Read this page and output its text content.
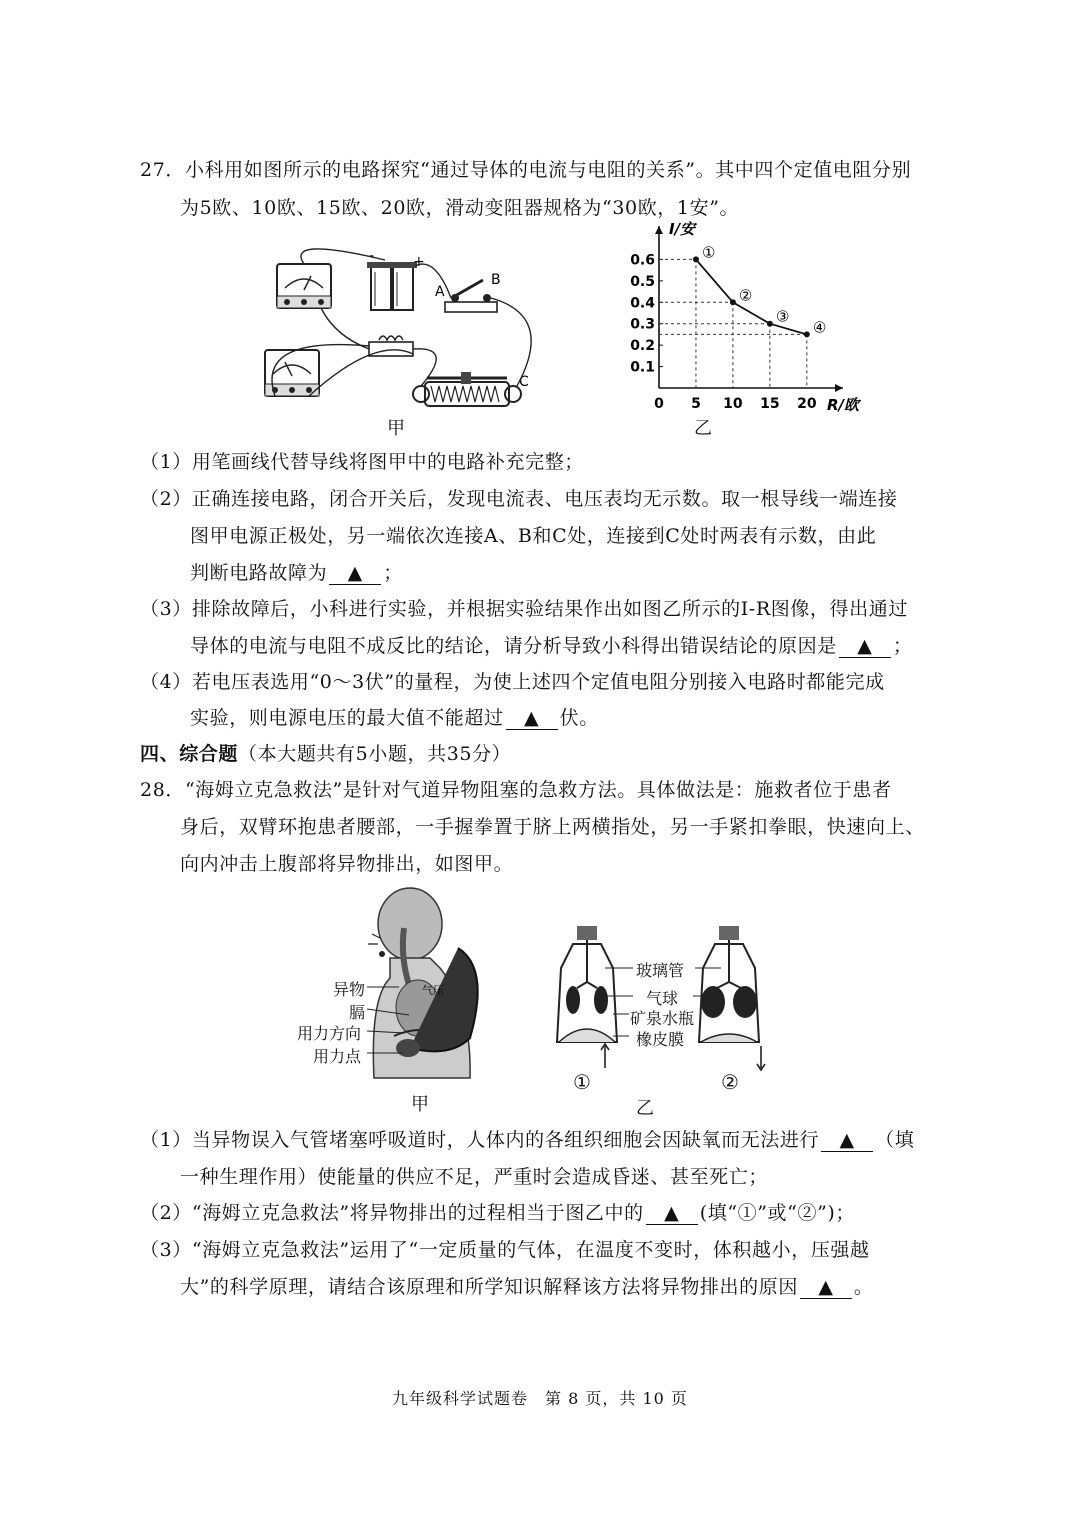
27．小科用如图所示的电路探究“通过导体的电流与电阻的关系”。其中四个定值电阻分别
为5欧、10欧、15欧、20欧，滑动变阻器规格为“30欧，1安”。
-	+
A
B
C
甲
I/安
R/欧
0 5 10 15 20
0.1
0.2
0.3
0.4
0.5
0.6	①
②
③
④
乙
（1）用笔画线代替导线将图甲中的电路补充完整；
（2）正确连接电路，闭合开关后，发现电流表、电压表均无示数。取一根导线一端连接
图甲电源正极处，另一端依次连接A、B和C处，连接到C处时两表有示数，由此
判断电路故障为 ▲ ；
（3）排除故障后，小科进行实验，并根据实验结果作出如图乙所示的I-R图像，得出通过
导体的电流与电阻不成反比的结论，请分析导致小科得出错误结论的原因是 ▲ ；
（4）若电压表选用“0～3伏”的量程，为使上述四个定值电阻分别接入电路时都能完成
实验，则电源电压的最大值不能超过 ▲ 伏。
四、综合题（本大题共有5小题，共35分）
28．“海姆立克急救法”是针对气道异物阻塞的急救方法。具体做法是：施救者位于患者
身后，双臂环抱患者腰部，一手握拳置于脐上两横指处，另一手紧扣拳眼，快速向上、
向内冲击上腹部将异物排出，如图甲。
气压
异物
膈
用力方向
用力点
甲
玻璃管
气球
矿泉水瓶
橡皮膜
①	②
乙
（1）当异物误入气管堵塞呼吸道时，人体内的各组织细胞会因缺氧而无法进行 ▲ （填
一种生理作用）使能量的供应不足，严重时会造成昏迷、甚至死亡；
（2）“海姆立克急救法”将异物排出的过程相当于图乙中的 ▲ (填“①”或“②”)；
（3）“海姆立克急救法”运用了“一定质量的气体，在温度不变时，体积越小，压强越
大”的科学原理，请结合该原理和所学知识解释该方法将异物排出的原因 ▲ 。
九年级科学试题卷　第 8 页，共 10 页
